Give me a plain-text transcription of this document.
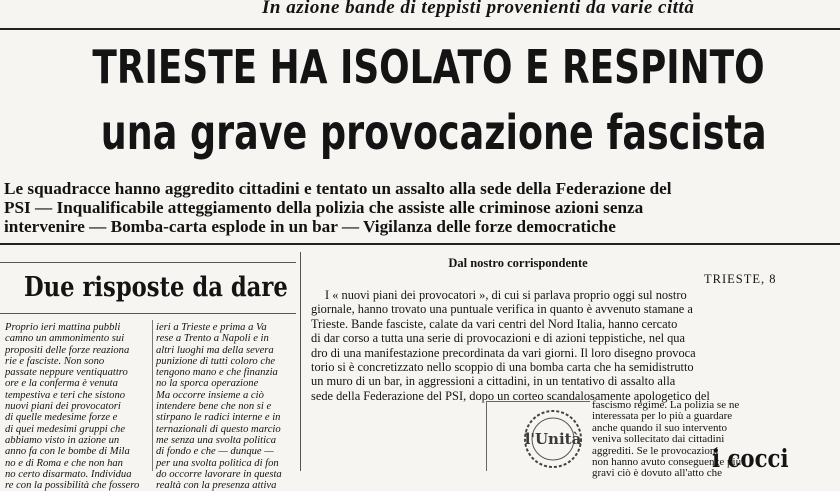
In azione bande di teppisti provenienti da varie città
TRIESTE HA ISOLATO E RESPINTO
una grave provocazione fascista
Le squadracce hanno aggredito cittadini e tentato un assalto alla sede della Federazione del
PSI — Inqualificabile atteggiamento della polizia che assiste alle criminose azioni senza
intervenire — Bomba-carta esplode in un bar — Vigilanza delle forze democratiche
Due risposte da dare
Proprio ieri mattina pubbli
camno un ammonimento sui
propositi delle forze reaziona
rie e fasciste. Non sono
passate neppure ventiquattro
ore e la conferma è venuta
tempestiva e teri che sistono
nuovi piani dei provocatori
di quelle medesime forze e
di quei medesimi gruppi che
abbiamo visto in azione un
anno fa con le bombe di Mila
no e di Roma e che non han
no certo disarmato. Individua
re con la possibilità che fossero
ieri a Trieste e prima a Va
rese a Trento a Napoli e in
altri luoghi ma della severa
punizione di tutti coloro che
tengono mano e che finanzia
no la sporca operazione
Ma occorre insieme a ciò
intendere bene che non si e
stirpano le radici interne e in
ternazionali di questo marcio
me senza una svolta politica
di fondo e che — dunque —
per una svolta politica di fon
do occorre lavorare in questa
realtà con la presenza attiva
Dal nostro corrispondente
TRIESTE, 8
I « nuovi piani dei provocatori », di cui si parlava proprio oggi sul nostro
giornale, hanno trovato una puntuale verifica in quanto è avvenuto stamane a
Trieste. Bande fasciste, calate da vari centri del Nord Italia, hanno cercato
di dar corso a tutta una serie di provocazioni e di azioni teppistiche, nel qua
dro di una manifestazione precordinata da vari giorni. Il loro disegno provoca
torio si è concretizzato nello scoppio di una bomba carta che ha semidistrutto
un muro di un bar, in aggressioni a cittadini, in un tentativo di assalto alla
sede della Federazione del PSI, dopo un corteo scandalosamente apologetico del
l'Unità
fascismo regime. La polizia se ne
interessata per lo più a guardare
anche quando il suo intervento
veniva sollecitato dai cittadini
aggrediti. Se le provocazioni
non hanno avuto conseguenze più
gravi ciò è dovuto all'atto che
i cocci
